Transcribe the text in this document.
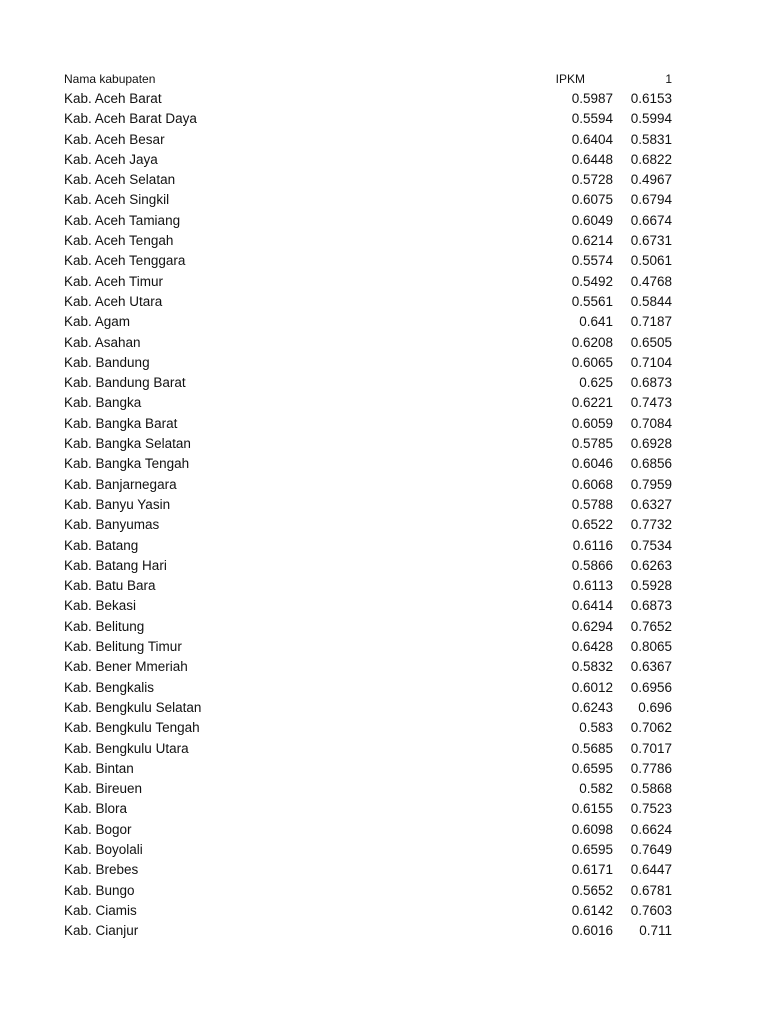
Nama kabupaten	IPKM	1
Kab. Aceh Barat	0.5987 0.6153
Kab. Aceh Barat Daya	0.5594 0.5994
Kab. Aceh Besar	0.6404 0.5831
Kab. Aceh Jaya	0.6448 0.6822
Kab. Aceh Selatan	0.5728 0.4967
Kab. Aceh Singkil	0.6075 0.6794
Kab. Aceh Tamiang	0.6049 0.6674
Kab. Aceh Tengah	0.6214 0.6731
Kab. Aceh Tenggara	0.5574 0.5061
Kab. Aceh Timur	0.5492 0.4768
Kab. Aceh Utara	0.5561 0.5844
Kab. Agam	0.641 0.7187
Kab. Asahan	0.6208 0.6505
Kab. Bandung	0.6065 0.7104
Kab. Bandung Barat	0.625 0.6873
Kab. Bangka	0.6221 0.7473
Kab. Bangka Barat	0.6059 0.7084
Kab. Bangka Selatan	0.5785 0.6928
Kab. Bangka Tengah	0.6046 0.6856
Kab. Banjarnegara	0.6068 0.7959
Kab. Banyu Yasin	0.5788 0.6327
Kab. Banyumas	0.6522 0.7732
Kab. Batang	0.6116 0.7534
Kab. Batang Hari	0.5866 0.6263
Kab. Batu Bara	0.6113 0.5928
Kab. Bekasi	0.6414 0.6873
Kab. Belitung	0.6294 0.7652
Kab. Belitung Timur	0.6428 0.8065
Kab. Bener Mmeriah	0.5832 0.6367
Kab. Bengkalis	0.6012 0.6956
Kab. Bengkulu Selatan	0.6243 0.696
Kab. Bengkulu Tengah	0.583 0.7062
Kab. Bengkulu Utara	0.5685 0.7017
Kab. Bintan	0.6595 0.7786
Kab. Bireuen	0.582 0.5868
Kab. Blora	0.6155 0.7523
Kab. Bogor	0.6098 0.6624
Kab. Boyolali	0.6595 0.7649
Kab. Brebes	0.6171 0.6447
Kab. Bungo	0.5652 0.6781
Kab. Ciamis	0.6142 0.7603
Kab. Cianjur	0.6016 0.711
